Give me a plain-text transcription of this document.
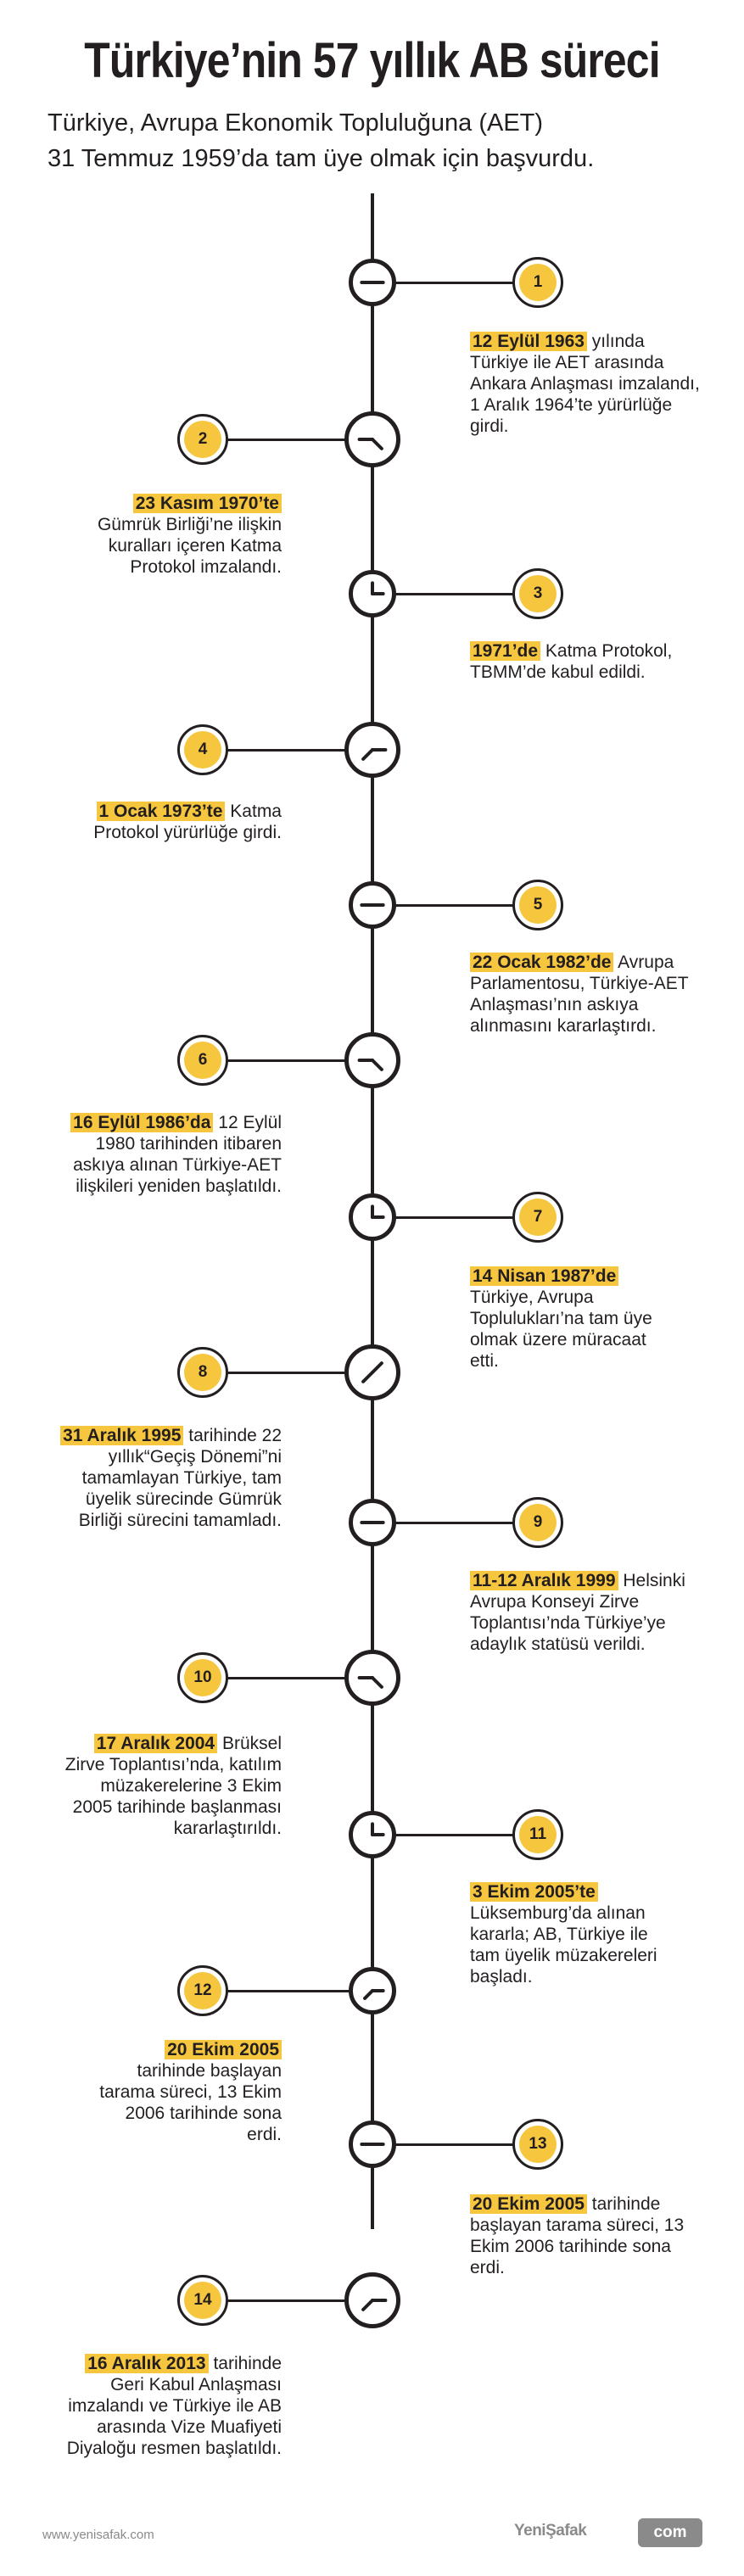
Türkiye’nin 57 yıllık AB süreci
Türkiye, Avrupa Ekonomik Topluluğuna (AET)
31 Temmuz 1959’da tam üye olmak için başvurdu.
1
12 Eylül 1963 yılında Türkiye ile AET arasında Ankara Anlaşması imzalandı, 1 Aralık 1964’te yürürlüğe girdi.
2
23 Kasım 1970’te Gümrük Birliği’ne ilişkin kuralları içeren Katma Protokol imzalandı.
3
1971’de Katma Protokol, TBMM’de kabul edildi.
4
1 Ocak 1973’te Katma Protokol yürürlüğe girdi.
5
22 Ocak 1982’de Avrupa Parlamentosu, Türkiye-AET Anlaşması’nın askıya alınmasını kararlaştırdı.
6
16 Eylül 1986’da 12 Eylül 1980 tarihinden itibaren askıya alınan Türkiye-AET ilişkileri yeniden başlatıldı.
7
14 Nisan 1987’de Türkiye, Avrupa Toplulukları’na tam üye olmak üzere müracaat etti.
8
31 Aralık 1995 tarihinde 22 yıllık“Geçiş Dönemi”ni tamamlayan Türkiye, tam üyelik sürecinde Gümrük Birliği sürecini tamamladı.	9
11-12 Aralık 1999 Helsinki Avrupa Konseyi Zirve Toplantısı’nda Türkiye’ye adaylık statüsü verildi.
10
17 Aralık 2004 Brüksel Zirve Toplantısı’nda, katılım müzakerelerine 3 Ekim 2005 tarihinde başlanması kararlaştırıldı.	11
3 Ekim 2005’te Lüksemburg’da alınan kararla; AB, Türkiye ile tam üyelik müzakereleri başladı.
12
20 Ekim 2005 tarihinde başlayan tarama süreci, 13 Ekim 2006 tarihinde sona erdi.	13
20 Ekim 2005 tarihinde başlayan tarama süreci, 13 Ekim 2006 tarihinde sona erdi.
14
16 Aralık 2013 tarihinde Geri Kabul Anlaşması imzalandı ve Türkiye ile AB arasında Vize Muafiyeti Diyaloğu resmen başlatıldı.
www.yenisafak.com	YeniŞafak	com
